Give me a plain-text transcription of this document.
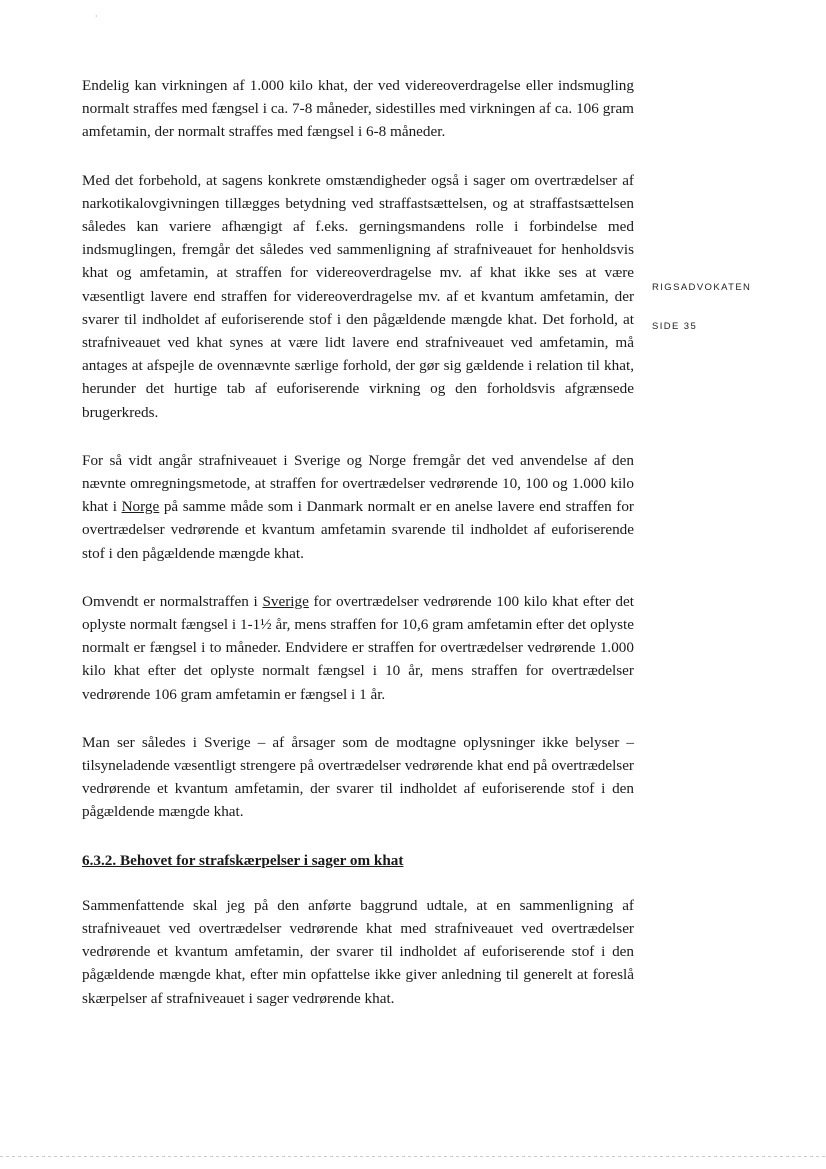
·

Endelig kan virkningen af 1.000 kilo khat, der ved videreoverdragelse eller indsmugling normalt straffes med fængsel i ca. 7-8 måneder, sidestilles med virkningen af ca. 106 gram amfetamin, der normalt straffes med fængsel i 6-8 måneder.

Med det forbehold, at sagens konkrete omstændigheder også i sager om overtrædelser af narkotikalovgivningen tillægges betydning ved straffastsættelsen, og at straffastsættelsen således kan variere afhængigt af f.eks. gerningsmandens rolle i forbindelse med indsmuglingen, fremgår det således ved sammenligning af strafniveauet for henholdsvis khat og amfetamin, at straffen for videreoverdragelse mv. af khat ikke ses at være væsentligt lavere end straffen for videreoverdragelse mv. af et kvantum amfetamin, der svarer til indholdet af euforiserende stof i den pågældende mængde khat. Det forhold, at strafniveauet ved khat synes at være lidt lavere end strafniveauet ved amfetamin, må antages at afspejle de ovennævnte særlige forhold, der gør sig gældende i relation til khat, herunder det hurtige tab af euforiserende virkning og den forholdsvis afgrænsede brugerkreds.

For så vidt angår strafniveauet i Sverige og Norge fremgår det ved anvendelse af den nævnte omregningsmetode, at straffen for overtrædelser vedrørende 10, 100 og 1.000 kilo khat i Norge på samme måde som i Danmark normalt er en anelse lavere end straffen for overtrædelser vedrørende et kvantum amfetamin svarende til indholdet af euforiserende stof i den pågældende mængde khat.

Omvendt er normalstraffen i Sverige for overtrædelser vedrørende 100 kilo khat efter det oplyste normalt fængsel i 1-1½ år, mens straffen for 10,6 gram amfetamin efter det oplyste normalt er fængsel i to måneder. Endvidere er straffen for overtrædelser vedrørende 1.000 kilo khat efter det oplyste normalt fængsel i 10 år, mens straffen for overtrædelser vedrørende 106 gram amfetamin er fængsel i 1 år.

Man ser således i Sverige – af årsager som de modtagne oplysninger ikke belyser – tilsyneladende væsentligt strengere på overtrædelser vedrørende khat end på overtrædelser vedrørende et kvantum amfetamin, der svarer til indholdet af euforiserende stof i den pågældende mængde khat.

6.3.2. Behovet for strafskærpelser i sager om khat

Sammenfattende skal jeg på den anførte baggrund udtale, at en sammenligning af strafniveauet ved overtrædelser vedrørende khat med strafniveauet ved overtrædelser vedrørende et kvantum amfetamin, der svarer til indholdet af euforiserende stof i den pågældende mængde khat, efter min opfattelse ikke giver anledning til generelt at foreslå skærpelser af strafniveauet i sager vedrørende khat.

RIGSADVOKATEN
SIDE 35
